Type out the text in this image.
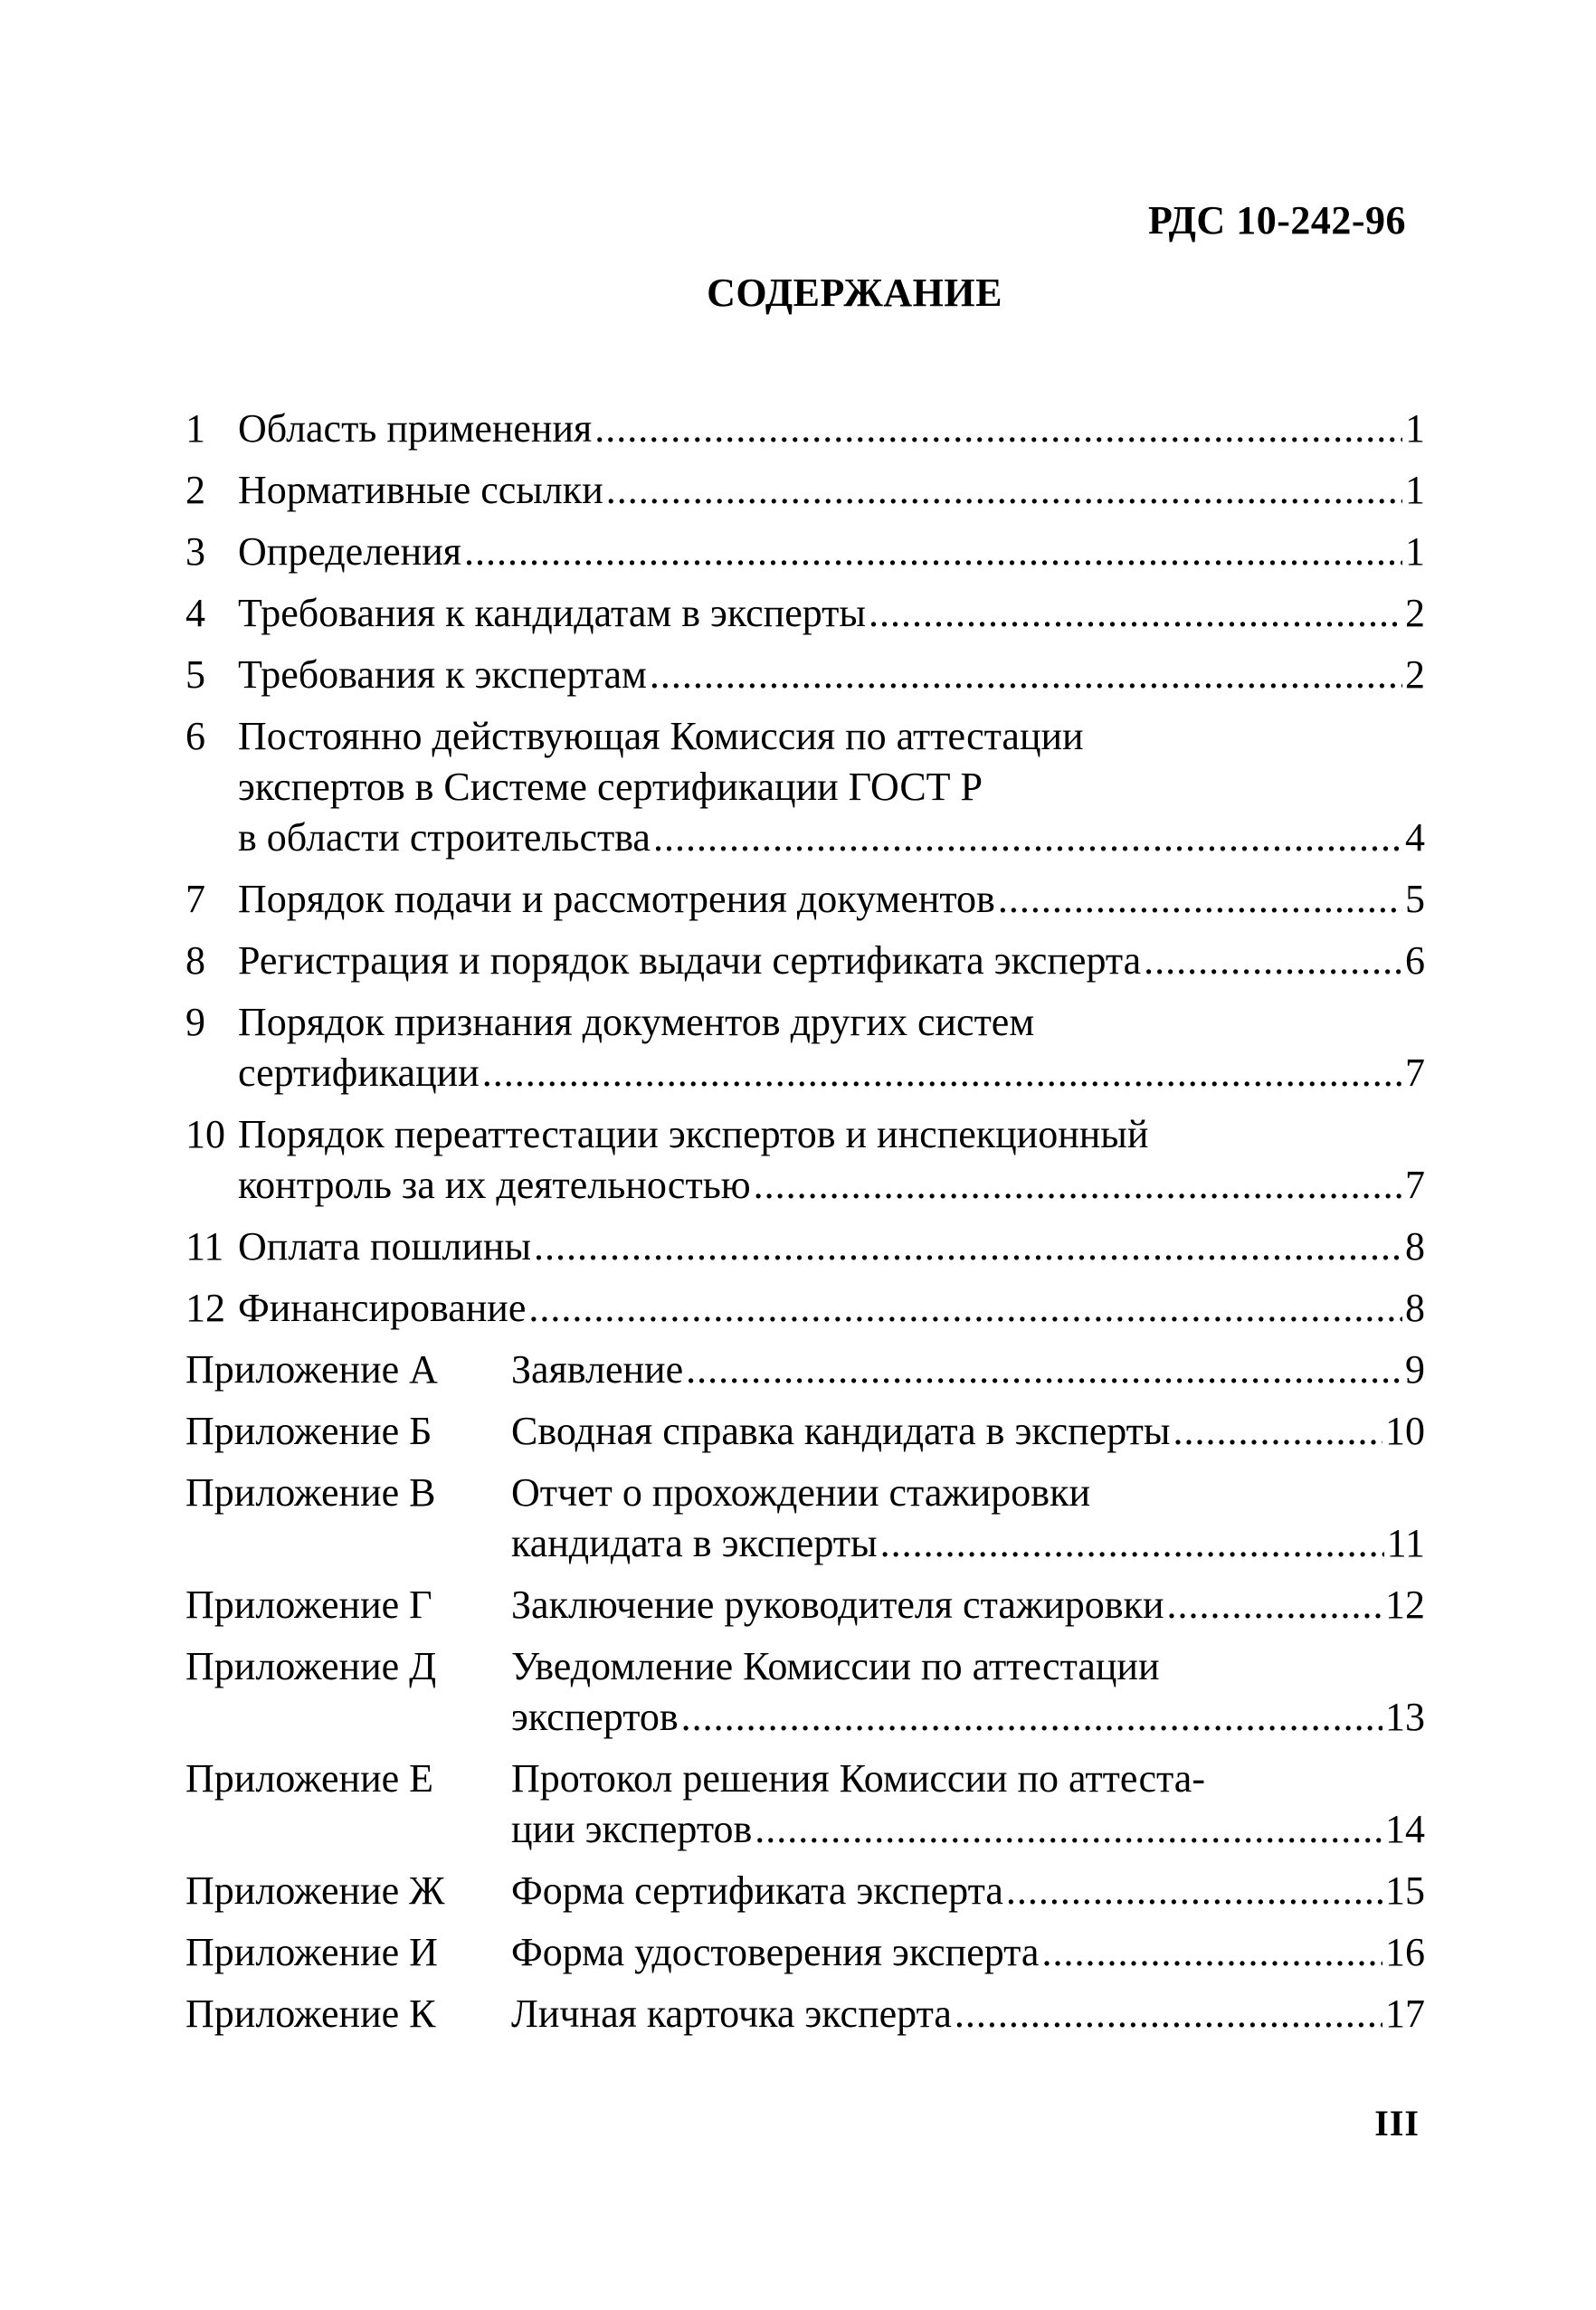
РДС 10-242-96
СОДЕРЖАНИЕ
1 Область применения .....	1
2 Нормативные ссылки .....	1
3 Определения .....	1
4 Требования к кандидатам в эксперты .....	2
5 Требования к экспертам .....	2
6 Постоянно действующая Комиссия по аттестации
экспертов в Системе сертификации ГОСТ Р
в области строительства .....	4
7 Порядок подачи и рассмотрения документов .....	5
8 Регистрация и порядок выдачи сертификата эксперта .....	6
9 Порядок признания документов других систем
сертификации .....	7
10 Порядок переаттестации экспертов и инспекционный
контроль за их деятельностью .....	7
11 Оплата пошлины .....	8
12 Финансирование .....	8
Приложение А Заявление .....	9
Приложение Б Сводная справка кандидата в эксперты .....	10
Приложение В Отчет о прохождении стажировки
кандидата в эксперты .....	11
Приложение Г Заключение руководителя стажировки .....	12
Приложение Д Уведомление Комиссии по аттестации
экспертов .....	13
Приложение Е Протокол решения Комиссии по аттеста-
ции экспертов .....	14
Приложение Ж Форма сертификата эксперта .....	15
Приложение И Форма удостоверения эксперта .....	16
Приложение К Личная карточка эксперта .....	17
III
